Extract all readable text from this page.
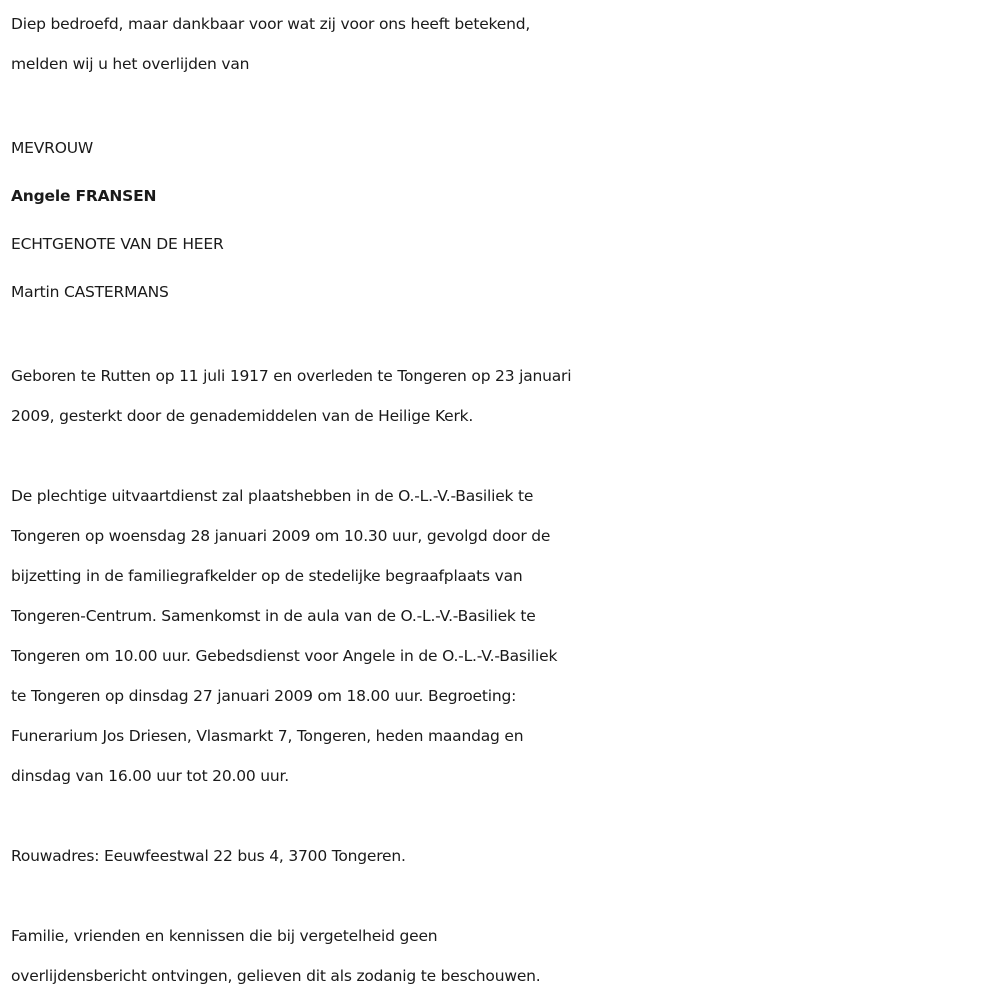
Diep bedroefd, maar dankbaar voor wat zij voor ons heeft betekend,
melden wij u het overlijden van
MEVROUW
Angele FRANSEN
ECHTGENOTE VAN DE HEER
Martin CASTERMANS
Geboren te Rutten op 11 juli 1917 en overleden te Tongeren op 23 januari
2009, gesterkt door de genademiddelen van de Heilige Kerk.
De plechtige uitvaartdienst zal plaatshebben in de O.-L.-V.-Basiliek te
Tongeren op woensdag 28 januari 2009 om 10.30 uur, gevolgd door de
bijzetting in de familiegrafkelder op de stedelijke begraafplaats van
Tongeren-Centrum. Samenkomst in de aula van de O.-L.-V.-Basiliek te
Tongeren om 10.00 uur. Gebedsdienst voor Angele in de O.-L.-V.-Basiliek
te Tongeren op dinsdag 27 januari 2009 om 18.00 uur. Begroeting:
Funerarium Jos Driesen, Vlasmarkt 7, Tongeren, heden maandag en
dinsdag van 16.00 uur tot 20.00 uur.
Rouwadres: Eeuwfeestwal 22 bus 4, 3700 Tongeren.
Familie, vrienden en kennissen die bij vergetelheid geen
overlijdensbericht ontvingen, gelieven dit als zodanig te beschouwen.
